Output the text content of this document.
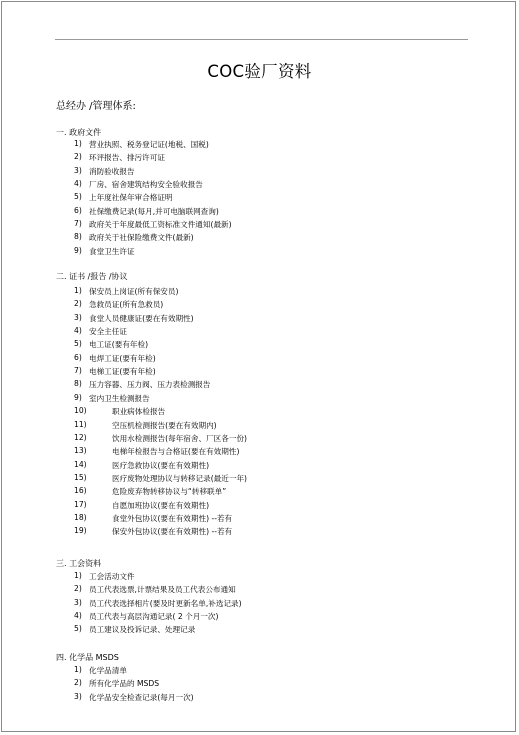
COC验厂资料
总经办 /管理体系:
一. 政府文件
1) 营业执照、税务登记证(地税、国税)
2) 环评报告、排污许可证
3) 消防验收报告
4) 厂房、宿舍建筑结构安全验收报告
5) 上年度社保年审合格证明
6) 社保缴费记录(每月,并可电脑联网查询)
7) 政府关于年度最低工资标准文件通知(最新)
8) 政府关于社保险缴费文件(最新)
9) 食堂卫生许证
二. 证书 /报告 /协议
1) 保安员上岗证(所有保安员)
2) 急救员证(所有急救员)
3) 食堂人员健康证(要在有效期性)
4) 安全主任证
5) 电工证(要有年检)
6) 电焊工证(要有年检)
7) 电梯工证(要有年检)
8) 压力容器、压力阀、压力表检测报告
9) 室内卫生检测报告
10)	职业病体检报告
11)	空压机检测报告(要在有效期内)
12)	饮用水检测报告(每年宿舍、厂区各一份)
13)	电梯年检报告与合格证(要在有效期性)
14)	医疗急救协议(要在有效期性)
15)	医疗废物处理协议与转移记录(最近一年)
16)	危险废弃物转移协议与“转移联单”
17)	自愿加班协议(要在有效期性)
18)	食堂外包协议(要在有效期性) --若有
19)	保安外包协议(要在有效期性) --若有
三. 工会资料
1) 工会活动文件
2) 员工代表选票,计票结果及员工代表公布通知
3) 员工代表选择相片(要及时更新名单,补选记录)
4) 员工代表与高层沟通记录( 2 个月一次)
5) 员工建议及投诉记录、处理记录
四. 化学品 MSDS
1) 化学品清单
2) 所有化学品的 MSDS
3) 化学品安全检查记录(每月一次)
